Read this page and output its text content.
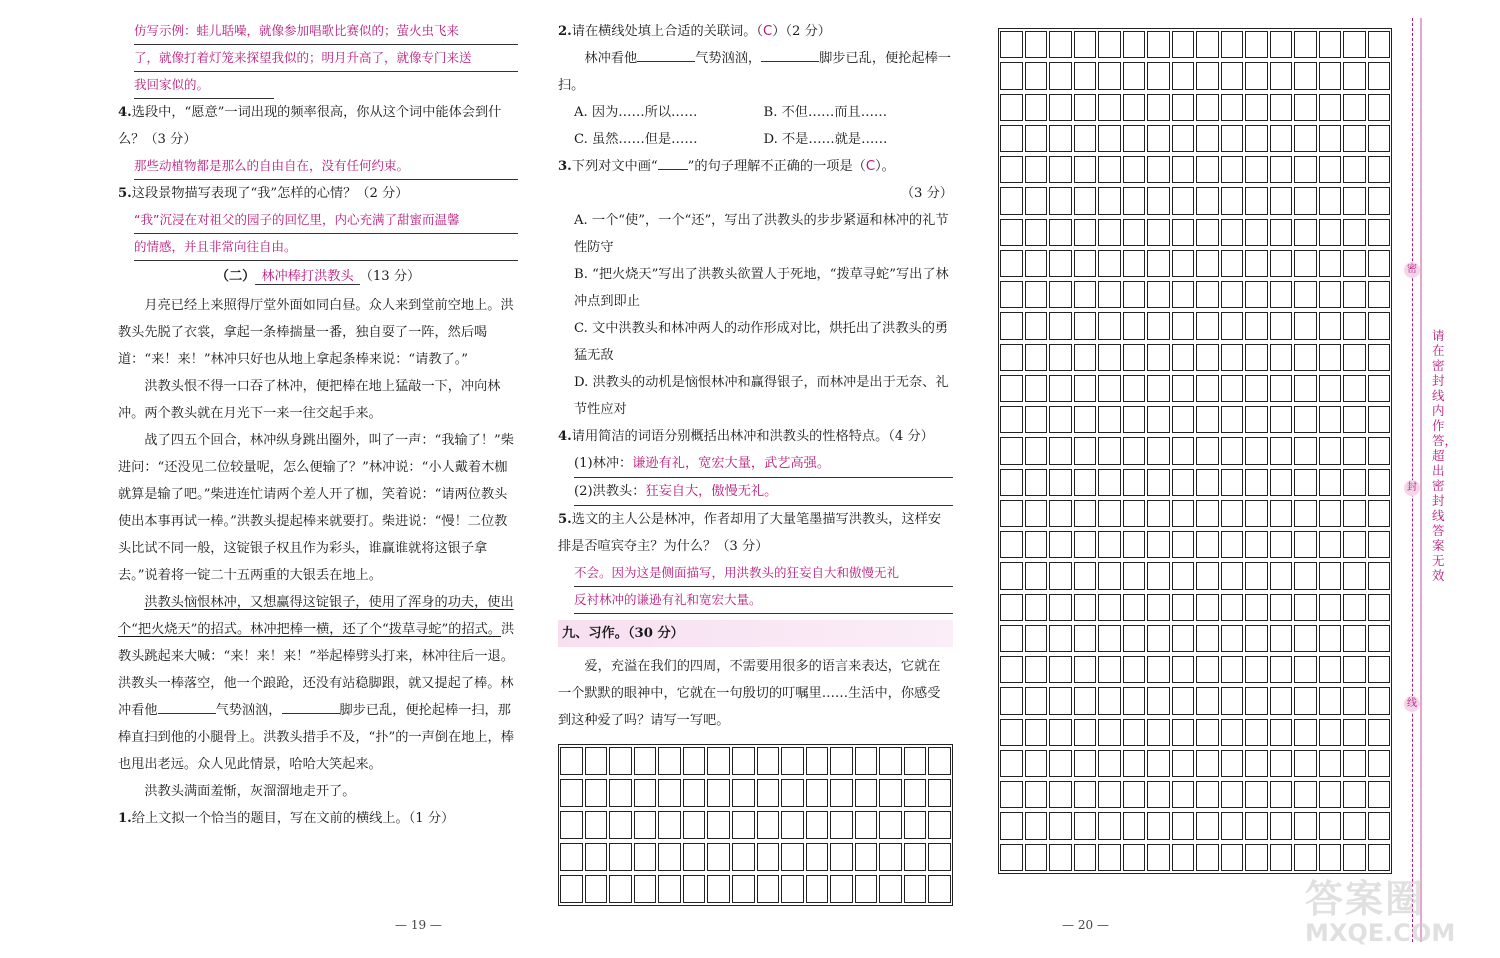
仿写示例：蛙儿聒噪，就像参加唱歌比赛似的；萤火虫飞来
了，就像打着灯笼来探望我似的；明月升高了，就像专门来送
我回家似的。

4.选段中，“愿意”一词出现的频率很高，你从这个词中能体会到什么？（3 分）

那些动植物都是那么的自由自在，没有任何约束。

5.这段景物描写表现了“我”怎样的心情？（2 分）

“我”沉浸在对祖父的园子的回忆里，内心充满了甜蜜而温馨
的情感，并且非常向往自由。

（二） 林冲棒打洪教头 （13 分）

月亮已经上来照得厅堂外面如同白昼。众人来到堂前空地上。洪教头先脱了衣裳，拿起一条棒揣量一番，独自耍了一阵，然后喝道：“来！来！”林冲只好也从地上拿起条棒来说：“请教了。”

洪教头恨不得一口吞了林冲，便把棒在地上猛敲一下，冲向林冲。两个教头就在月光下一来一往交起手来。

战了四五个回合，林冲纵身跳出圈外，叫了一声：“我输了！”柴进问：“还没见二位较量呢，怎么便输了？”林冲说：“小人戴着木枷就算是输了吧。”柴进连忙请两个差人开了枷，笑着说：“请两位教头使出本事再试一棒。”洪教头提起棒来就要打。柴进说：“慢！二位教头比试不同一般，这锭银子权且作为彩头，谁赢谁就将这银子拿去。”说着将一锭二十五两重的大银丢在地上。

洪教头恼恨林冲，又想赢得这锭银子，使用了浑身的功夫，使出个“把火烧天”的招式。林冲把棒一横，还了个“拨草寻蛇”的招式。洪教头跳起来大喊：“来！来！来！”举起棒劈头打来，林冲往后一退。洪教头一棒落空，他一个踉跄，还没有站稳脚跟，就又提起了棒。林冲看他	气势汹汹，	脚步已乱，便抡起棒一扫，那棒直扫到他的小腿骨上。洪教头措手不及，“扑”的一声倒在地上，棒也甩出老远。众人见此情景，哈哈大笑起来。

洪教头满面羞惭，灰溜溜地走开了。

1.给上文拟一个恰当的题目，写在文前的横线上。（1 分）

— 19 —

2.请在横线处填上合适的关联词。（C）（2 分）

林冲看他	气势汹汹，	脚步已乱，便抡起棒一扫。

A. 因为……所以……	B. 不但……而且……
C. 虽然……但是……	D. 不是……就是……

3.下列对文中画“ ”的句子理解不正确的一项是（C）。

（3 分）

A. 一个“使”，一个“还”，写出了洪教头的步步紧逼和林冲的礼节性防守

B. “把火烧天”写出了洪教头欲置人于死地，“拨草寻蛇”写出了林冲点到即止

C. 文中洪教头和林冲两人的动作形成对比，烘托出了洪教头的勇猛无敌

D. 洪教头的动机是恼恨林冲和赢得银子，而林冲是出于无奈、礼节性应对

4.请用简洁的词语分别概括出林冲和洪教头的性格特点。（4 分）

(1)林冲：谦逊有礼，宽宏大量，武艺高强。
(2)洪教头：狂妄自大，傲慢无礼。

5.选文的主人公是林冲，作者却用了大量笔墨描写洪教头，这样安排是否喧宾夺主？为什么？（3 分）

不会。因为这是侧面描写，用洪教头的狂妄自大和傲慢无礼
反衬林冲的谦逊有礼和宽宏大量。
九、习作。（30 分）

爱，充溢在我们的四周，不需要用很多的语言来表达，它就在一个默默的眼神中，它就在一句殷切的叮嘱里……生活中，你感受到这种爱了吗？请写一写吧。

— 20 —
密
封
线
请在密封线内作答，超出密封线答案无效
答案圈
MXQE.COM
